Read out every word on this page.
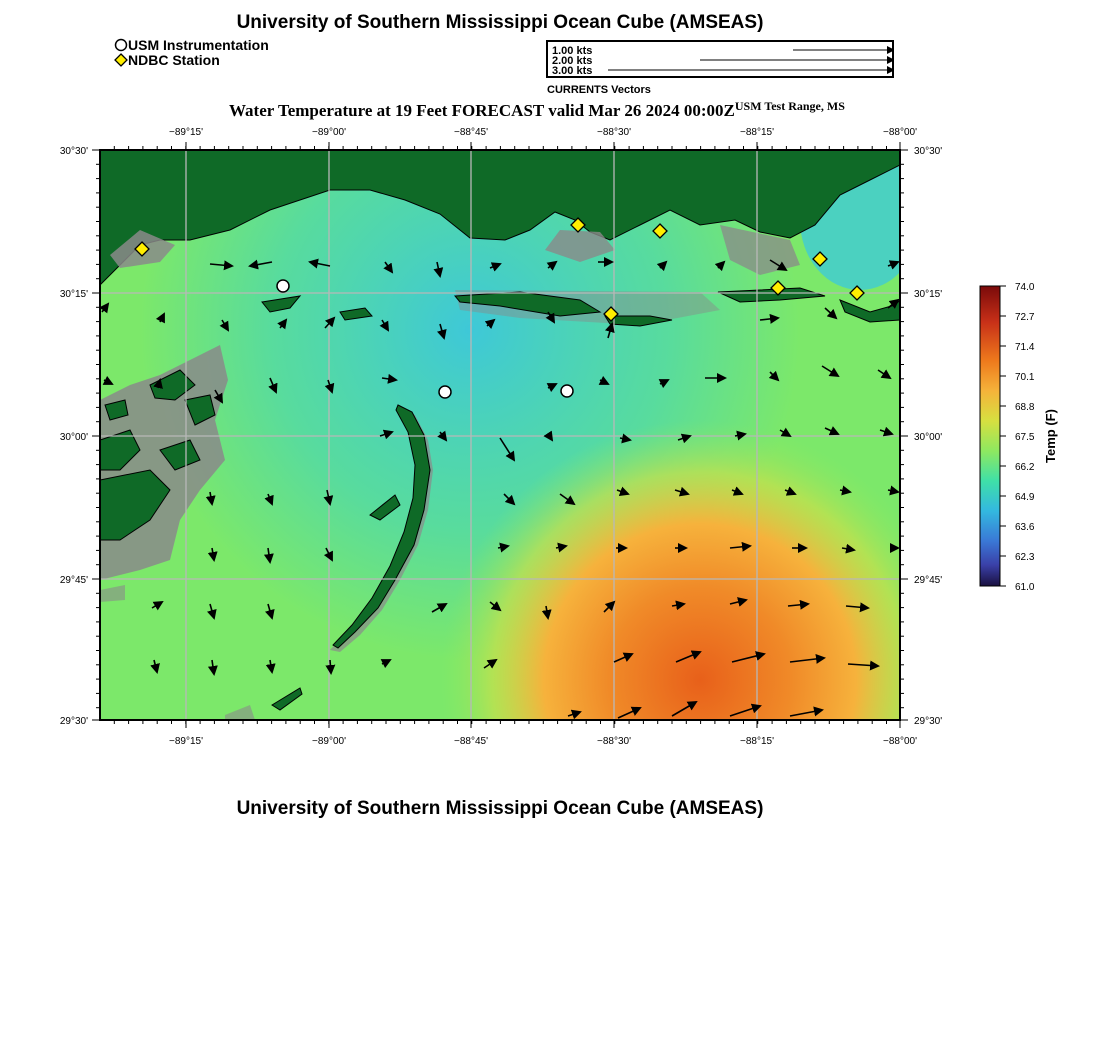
University of Southern Mississippi Ocean Cube (AMSEAS)
USM Instrumentation
NDBC Station
1.00 kts
2.00 kts
3.00 kts
CURRENTS Vectors
Water Temperature at 19 Feet FORECAST valid Mar 26 2024 $00:00Z^{USM Test Range, MS}$
−89°15'	−89°00'	−88°45'	−88°30'	−88°15'	−88°00'
−89°15'	−89°00'	−88°45'	−88°30'	−88°15'	−88°00'
30°30'
30°15'
30°00'
29°45'
29°30'
30°30'
30°15'
30°00'
29°45'
29°30'
74.0
72.7
71.4
70.1
68.8
67.5
66.2
64.9
63.6
62.3
61.0
Temp (F)
University of Southern Mississippi Ocean Cube (AMSEAS)
